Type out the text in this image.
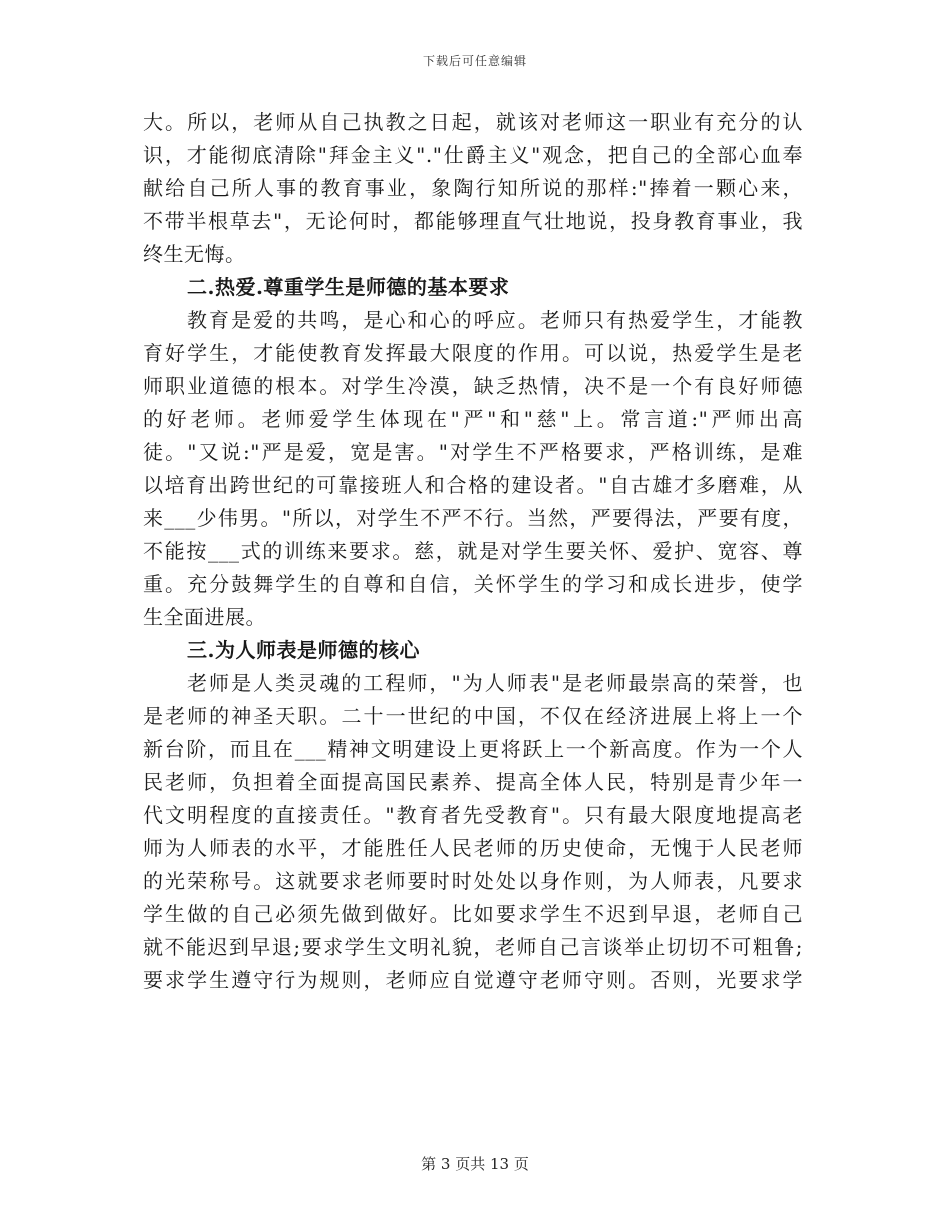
下载后可任意编辑
大。所以，老师从自己执教之日起，就该对老师这一职业有充分的认
识，才能彻底清除"拜金主义"."仕爵主义"观念，把自己的全部心血奉
献给自己所人事的教育事业，象陶行知所说的那样:"捧着一颗心来，
不带半根草去"，无论何时，都能够理直气壮地说，投身教育事业，我
终生无悔。
二.热爱.尊重学生是师德的基本要求
教育是爱的共鸣，是心和心的呼应。老师只有热爱学生，才能教
育好学生，才能使教育发挥最大限度的作用。可以说，热爱学生是老
师职业道德的根本。对学生冷漠，缺乏热情，决不是一个有良好师德
的好老师。老师爱学生体现在"严"和"慈"上。常言道:"严师出高
徒。"又说:"严是爱，宽是害。"对学生不严格要求，严格训练，是难
以培育出跨世纪的可靠接班人和合格的建设者。"自古雄才多磨难，从
来___少伟男。"所以，对学生不严不行。当然，严要得法，严要有度，
不能按___式的训练来要求。慈，就是对学生要关怀、爱护、宽容、尊
重。充分鼓舞学生的自尊和自信，关怀学生的学习和成长进步，使学
生全面进展。
三.为人师表是师德的核心
老师是人类灵魂的工程师，"为人师表"是老师最崇高的荣誉，也
是老师的神圣天职。二十一世纪的中国，不仅在经济进展上将上一个
新台阶，而且在___精神文明建设上更将跃上一个新高度。作为一个人
民老师，负担着全面提高国民素养、提高全体人民，特别是青少年一
代文明程度的直接责任。"教育者先受教育"。只有最大限度地提高老
师为人师表的水平，才能胜任人民老师的历史使命，无愧于人民老师
的光荣称号。这就要求老师要时时处处以身作则，为人师表，凡要求
学生做的自己必须先做到做好。比如要求学生不迟到早退，老师自己
就不能迟到早退;要求学生文明礼貌，老师自己言谈举止切切不可粗鲁;
要求学生遵守行为规则，老师应自觉遵守老师守则。否则，光要求学
第 3 页共 13 页
